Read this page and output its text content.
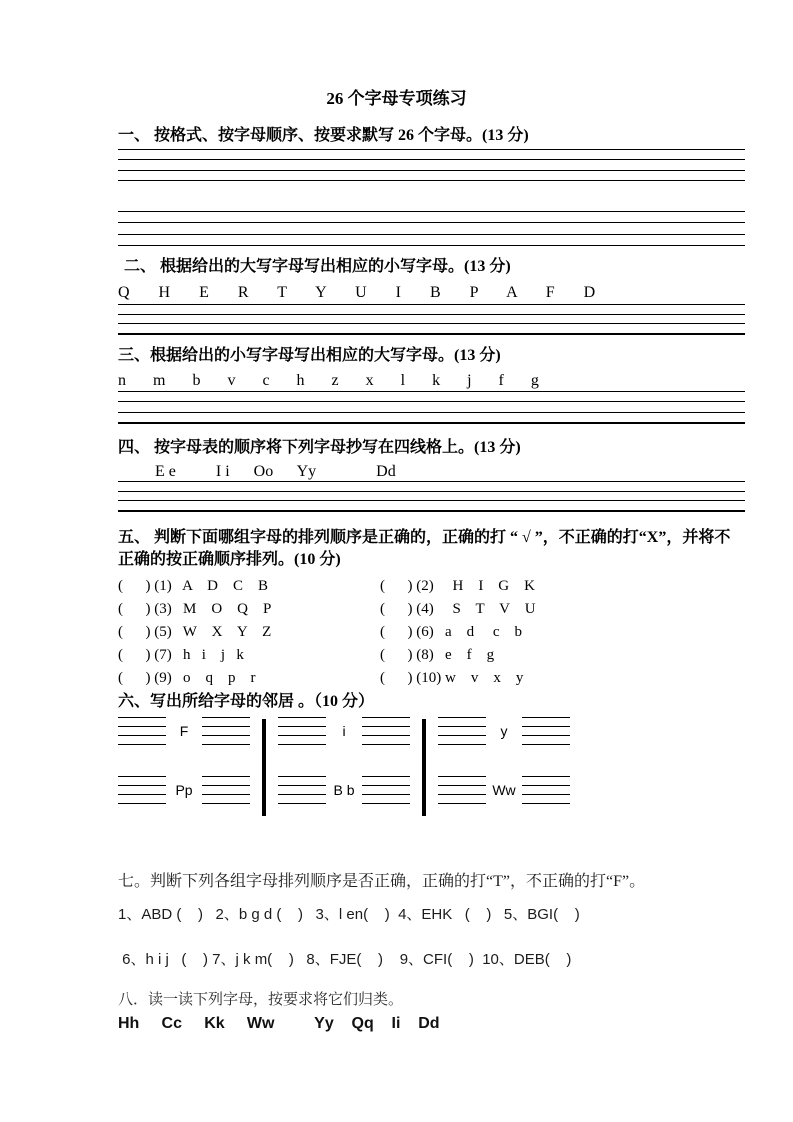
26 个字母专项练习
一、 按格式、按字母顺序、按要求默写 26 个字母。(13 分)
二、 根据给出的大写字母写出相应的小写字母。(13 分)
Q H E R T Y U I B P A F D
三、根据给出的小写字母写出相应的大写字母。(13 分)
n m b v c h z x l k j f g
四、 按字母表的顺序将下列字母抄写在四线格上。(13 分)
E e          I i      Oo      Yy               Dd
五、 判断下面哪组字母的排列顺序是正确的，正确的打 “ √ ”，不正确的打“X”，并将不正确的按正确顺序排列。(10 分)
(      ) (1)   A    D    C    B	(      ) (2)     H    I    G    K
(      ) (3)   M    O    Q    P	(      ) (4)     S    T    V    U
(      ) (5)   W    X    Y    Z	(      ) (6)   a    d     c    b
(      ) (7)   h   i    j   k	(      ) (8)   e    f    g
(      ) (9)   o    q    p    r	(      ) (10) w    v    x    y
六、写出所给字母的邻居 。（10 分）
F
Pp
i
B b
y
Ww
七。判断下列各组字母排列顺序是否正确，正确的打“T”，不正确的打“F”。
1、ABD (    )   2、b g d (    )   3、l en(    )  4、EHK   (    )   5、BGI(    )
6、h i j   (    ) 7、j k m(    )   8、FJE(    )    9、CFI(    )  10、DEB(    )
八．读一读下列字母，按要求将它们归类。
Hh     Cc     Kk     Ww         Yy    Qq    Ii    Dd
